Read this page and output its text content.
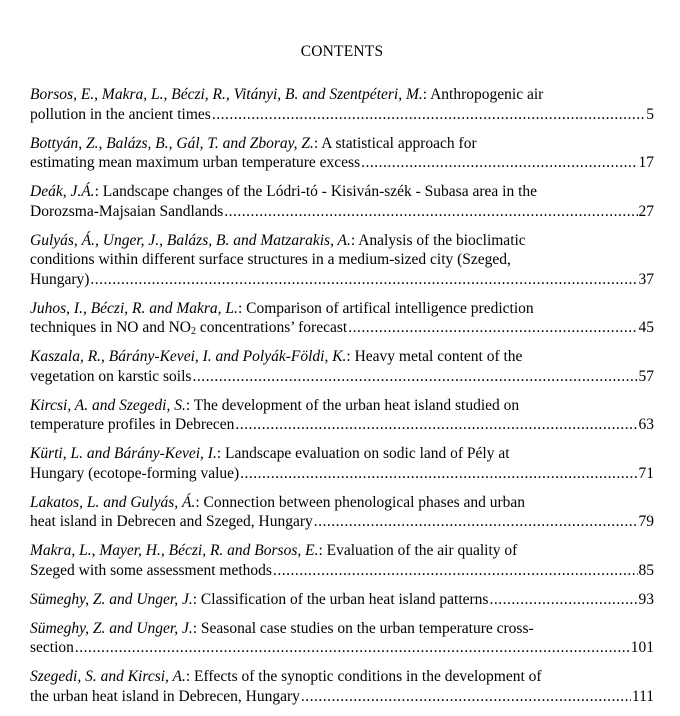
CONTENTS
Borsos, E., Makra, L., Béczi, R., Vitányi, B. and Szentpéteri, M.: Anthropogenic air
pollution in the ancient times .....	5
Bottyán, Z., Balázs, B., Gál, T. and Zboray, Z.: A statistical approach for
estimating mean maximum urban temperature excess .....	17
Deák, J.Á.: Landscape changes of the Lódri-tó - Kisiván-szék - Subasa area in the
Dorozsma-Majsaian Sandlands .....	27
Gulyás, Á., Unger, J., Balázs, B. and Matzarakis, A.: Analysis of the bioclimatic
conditions within different surface structures in a medium-sized city (Szeged,
Hungary) .....	37
Juhos, I., Béczi, R. and Makra, L.: Comparison of artifical intelligence prediction
techniques in NO and $NO_2$ concentrations’ forecast .....	45
Kaszala, R., Bárány-Kevei, I. and Polyák-Földi, K.: Heavy metal content of the
vegetation on karstic soils .....	57
Kircsi, A. and Szegedi, S.: The development of the urban heat island studied on
temperature profiles in Debrecen .....	63
Kürti, L. and Bárány-Kevei, I.: Landscape evaluation on sodic land of Pély at
Hungary (ecotope-forming value) .....	71
Lakatos, L. and Gulyás, Á.: Connection between phenological phases and urban
heat island in Debrecen and Szeged, Hungary .....	79
Makra, L., Mayer, H., Béczi, R. and Borsos, E.: Evaluation of the air quality of
Szeged with some assessment methods .....	85
Sümeghy, Z. and Unger, J.: Classification of the urban heat island patterns .....	93
Sümeghy, Z. and Unger, J.: Seasonal case studies on the urban temperature cross-
section .....	101
Szegedi, S. and Kircsi, A.: Effects of the synoptic conditions in the development of
the urban heat island in Debrecen, Hungary .....	111
